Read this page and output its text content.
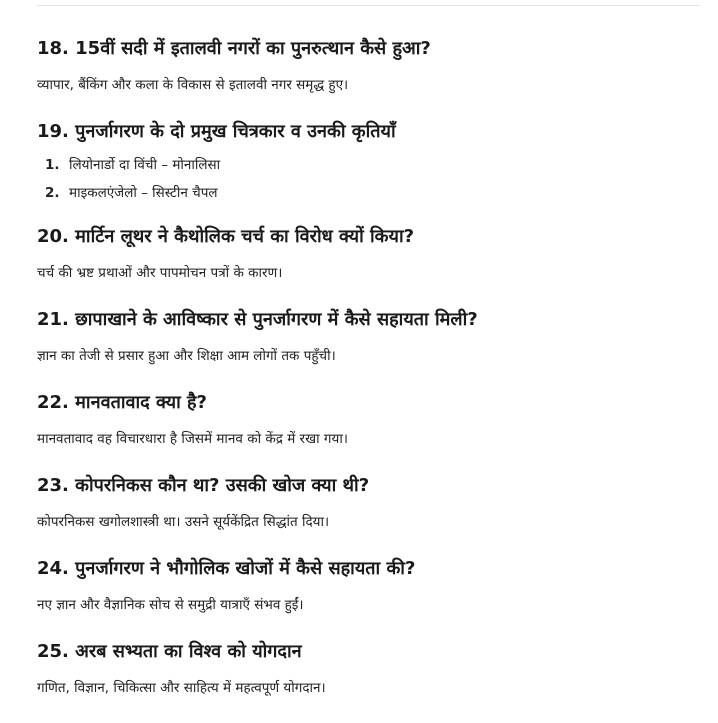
18. 15वीं सदी में इतालवी नगरों का पुनरुत्थान कैसे हुआ?

व्यापार, बैंकिंग और कला के विकास से इतालवी नगर समृद्ध हुए।

19. पुनर्जागरण के दो प्रमुख चित्रकार व उनकी कृतियाँ
1. लियोनार्डो दा विंची – मोनालिसा
2. माइकलएंजेलो – सिस्टीन चैपल
20. मार्टिन लूथर ने कैथोलिक चर्च का विरोध क्यों किया?

चर्च की भ्रष्ट प्रथाओं और पापमोचन पत्रों के कारण।

21. छापाखाने के आविष्कार से पुनर्जागरण में कैसे सहायता मिली?

ज्ञान का तेजी से प्रसार हुआ और शिक्षा आम लोगों तक पहुँची।

22. मानवतावाद क्या है?

मानवतावाद वह विचारधारा है जिसमें मानव को केंद्र में रखा गया।

23. कोपरनिकस कौन था? उसकी खोज क्या थी?

कोपरनिकस खगोलशास्त्री था। उसने सूर्यकेंद्रित सिद्धांत दिया।

24. पुनर्जागरण ने भौगोलिक खोजों में कैसे सहायता की?

नए ज्ञान और वैज्ञानिक सोच से समुद्री यात्राएँ संभव हुईं।

25. अरब सभ्यता का विश्व को योगदान

गणित, विज्ञान, चिकित्सा और साहित्य में महत्वपूर्ण योगदान।
